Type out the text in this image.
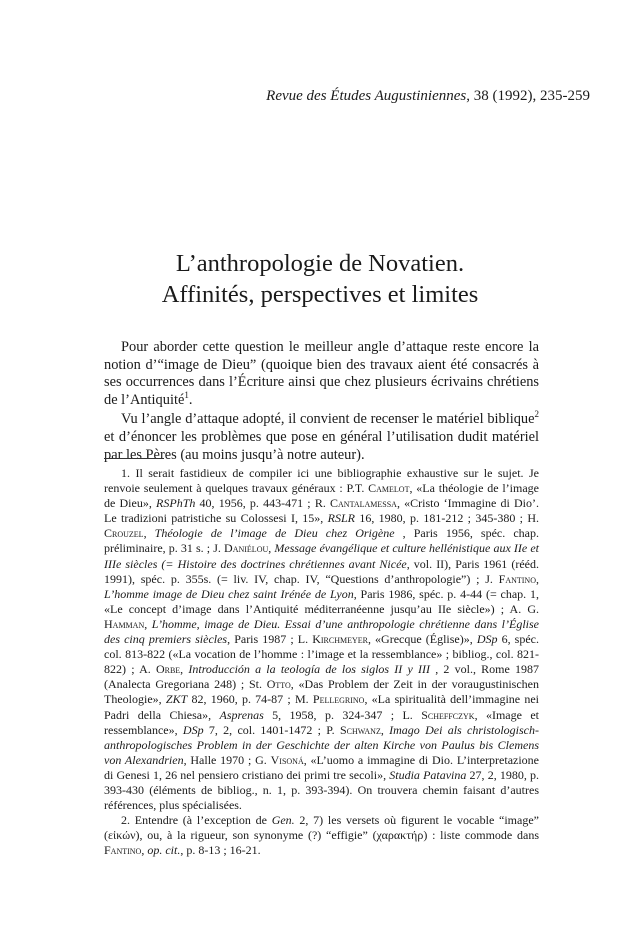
Revue des Études Augustiniennes, 38 (1992), 235-259
L’anthropologie de Novatien.
Affinités, perspectives et limites

Pour aborder cette question le meilleur angle d’attaque reste encore la notion d’“image de Dieu” (quoique bien des travaux aient été consacrés à ses occurrences dans l’Écriture ainsi que chez plusieurs écrivains chrétiens de l’Antiquité$^1$.

Vu l’angle d’attaque adopté, il convient de recenser le matériel biblique$^2$ et d’énoncer les problèmes que pose en général l’utilisation dudit matériel par les Pères (au moins jusqu’à notre auteur).

1. Il serait fastidieux de compiler ici une bibliographie exhaustive sur le sujet. Je renvoie seulement à quelques travaux généraux : P.T. Camelot, «La théologie de l’image de Dieu», RSPhTh 40, 1956, p. 443-471 ; R. Cantalamessa, «Cristo ‘Immagine di Dio’. Le tradizioni patristiche su Colossesi I, 15», RSLR 16, 1980, p. 181-212 ; 345-380 ; H. Crouzel, Théologie de l’image de Dieu chez Origène , Paris 1956, spéc. chap. préliminaire, p. 31 s. ; J. Daniélou, Message évangélique et culture hellénistique aux IIe et IIIe siècles (= Histoire des doctrines chrétiennes avant Nicée, vol. II), Paris 1961 (rééd. 1991), spéc. p. 355s. (= liv. IV, chap. IV, “Questions d’anthropologie”) ; J. Fantino, L’homme image de Dieu chez saint Irénée de Lyon, Paris 1986, spéc. p. 4-44 (= chap. 1, «Le concept d’image dans l’Antiquité méditerranéenne jusqu’au IIe siècle») ; A. G. Hamman, L’homme, image de Dieu. Essai d’une anthropologie chrétienne dans l’Église des cinq premiers siècles, Paris 1987 ; L. Kirchmeyer, «Grecque (Église)», DSp 6, spéc. col. 813-822 («La vocation de l’homme : l’image et la ressemblance» ; bibliog., col. 821-822) ; A. Orbe, Introducción a la teología de los siglos II y III , 2 vol., Rome 1987 (Analecta Gregoriana 248) ; St. Otto, «Das Problem der Zeit in der voraugustinischen Theologie», ZKT 82, 1960, p. 74-87 ; M. Pellegrino, «La spiritualità dell’immagine nei Padri della Chiesa», Asprenas 5, 1958, p. 324-347 ; L. Scheffczyk, «Image et ressemblance», DSp 7, 2, col. 1401-1472 ; P. Schwanz, Imago Dei als christologisch-anthropologisches Problem in der Geschichte der alten Kirche von Paulus bis Clemens von Alexandrien, Halle 1970 ; G. Visoná, «L’uomo a immagine di Dio. L’interpretazione di Genesi 1, 26 nel pensiero cristiano dei primi tre secoli», Studia Patavina 27, 2, 1980, p. 393-430 (éléments de bibliog., n. 1, p. 393-394). On trouvera chemin faisant d’autres références, plus spécialisées.

2. Entendre (à l’exception de Gen. 2, 7) les versets où figurent le vocable “image” (εἰκών), ou, à la rigueur, son synonyme (?) “effigie” (χαρακτήρ) : liste commode dans Fantino, op. cit., p. 8-13 ; 16-21.
